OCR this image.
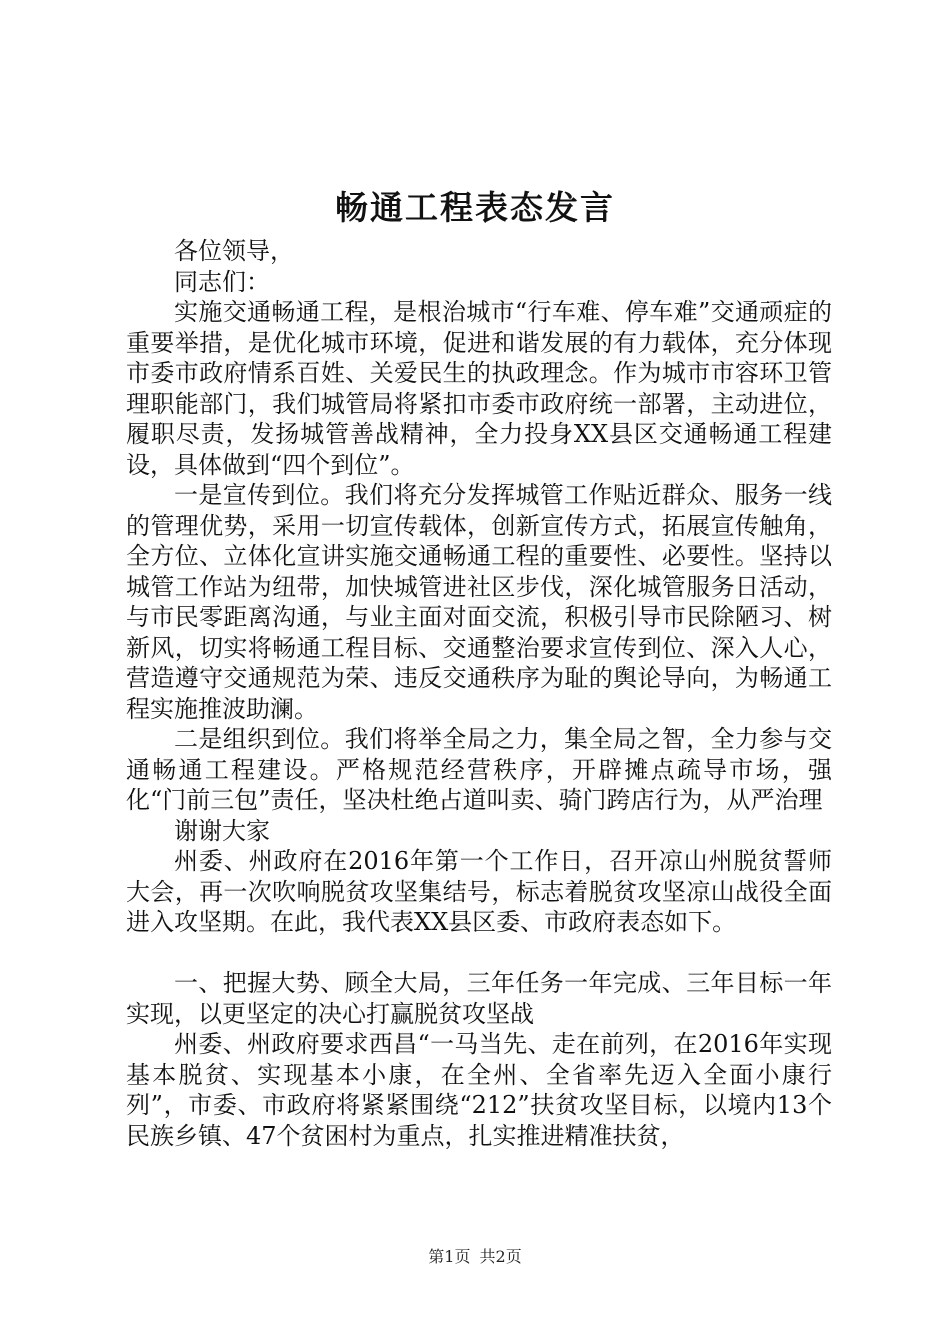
畅通工程表态发言

各位领导，

同志们：

实施交通畅通工程，是根治城市“行车难、停车难”交通顽症的重要举措，是优化城市环境，促进和谐发展的有力载体，充分体现市委市政府情系百姓、关爱民生的执政理念。作为城市市容环卫管理职能部门，我们城管局将紧扣市委市政府统一部署，主动进位，履职尽责，发扬城管善战精神，全力投身XX县区交通畅通工程建设，具体做到“四个到位”。

一是宣传到位。我们将充分发挥城管工作贴近群众、服务一线的管理优势，采用一切宣传载体，创新宣传方式，拓展宣传触角，全方位、立体化宣讲实施交通畅通工程的重要性、必要性。坚持以城管工作站为纽带，加快城管进社区步伐，深化城管服务日活动，与市民零距离沟通，与业主面对面交流，积极引导市民除陋习、树新风，切实将畅通工程目标、交通整治要求宣传到位、深入人心，营造遵守交通规范为荣、违反交通秩序为耻的舆论导向，为畅通工程实施推波助澜。

二是组织到位。我们将举全局之力，集全局之智，全力参与交通畅通工程建设。严格规范经营秩序，开辟摊点疏导市场，强化“门前三包”责任，坚决杜绝占道叫卖、骑门跨店行为，从严治理

谢谢大家

州委、州政府在2016年第一个工作日，召开凉山州脱贫誓师大会，再一次吹响脱贫攻坚集结号，标志着脱贫攻坚凉山战役全面进入攻坚期。在此，我代表XX县区委、市政府表态如下。

一、把握大势、顾全大局，三年任务一年完成、三年目标一年实现，以更坚定的决心打赢脱贫攻坚战

州委、州政府要求西昌“一马当先、走在前列，在2016年实现基本脱贫、实现基本小康，在全州、全省率先迈入全面小康行列”，市委、市政府将紧紧围绕“212”扶贫攻坚目标，以境内13个民族乡镇、47个贫困村为重点，扎实推进精准扶贫，

第1页 共2页
